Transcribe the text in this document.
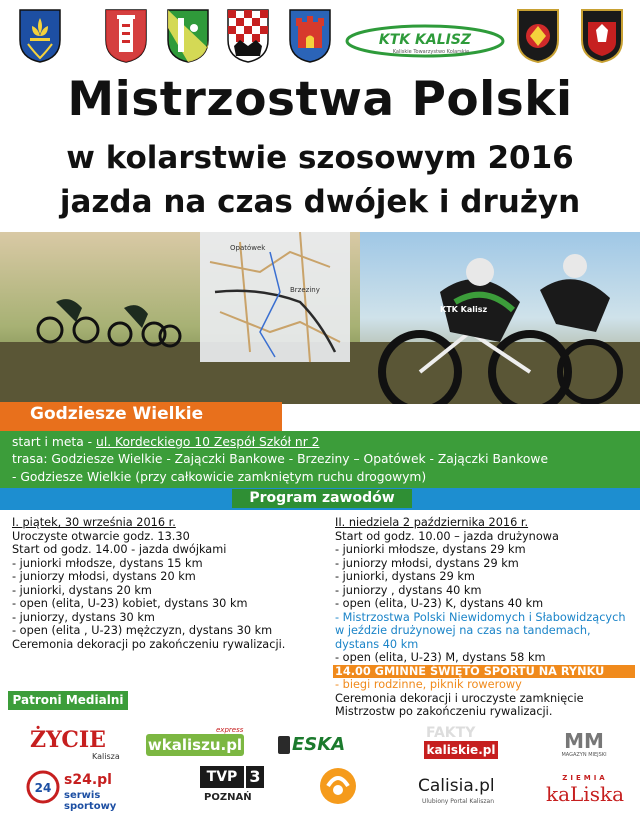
KTK KALISZ
Kaliskie Towarzystwo Kolarskie
Mistrzostwa Polski
w kolarstwie szosowym 2016
jazda na czas dwójek i drużyn
Opatówek
Brzeziny
KTK Kalisz
Godziesze Wielkie
start i meta - ul. Kordeckiego 10 Zespół Szkół nr 2
trasa: Godziesze Wielkie - Zajączki Bankowe - Brzeziny – Opatówek - Zajączki Bankowe
- Godziesze Wielkie (przy całkowicie zamkniętym ruchu drogowym)
Program zawodów
I. piątek, 30 września 2016 r.
Uroczyste otwarcie godz. 13.30
Start od godz. 14.00 - jazda dwójkami
- juniorki młodsze, dystans 15 km
- juniorzy młodsi, dystans 20 km
- juniorki, dystans 20 km
- open (elita, U-23) kobiet, dystans 30 km
- juniorzy, dystans 30 km
- open (elita , U-23) mężczyzn, dystans 30 km
Ceremonia dekoracji po zakończeniu rywalizacji.
II. niedziela 2 października 2016 r.
Start od godz. 10.00 – jazda drużynowa
- juniorki młodsze, dystans 29 km
- juniorzy młodsi, dystans 29 km
- juniorki, dystans 29 km
- juniorzy , dystans 40 km
- open (elita, U-23) K, dystans 40 km
- Mistrzostwa Polski Niewidomych i Słabowidzących
w jeździe drużynowej na czas na tandemach,
dystans 40 km
- open (elita, U-23) M, dystans 58 km
14.00 GMINNE ŚWIĘTO SPORTU NA RYNKU
- biegi rodzinne, piknik rowerowy
Ceremonia dekoracji i uroczyste zamknięcie
Mistrzostw po zakończeniu rywalizacji.
Patroni Medialni
ŻYCIE
Kalisza
express
wkaliszu.pl	ESKA
FAKTY
kaliskie.pl	MM
MAGAZYN MIEJSKI
24 s24.pl
serwis sportowy
TVP 3
POZNAŃ
Calisia.pl
Ulubiony Portal Kaliszan
ZIEMIA
kaLiska
